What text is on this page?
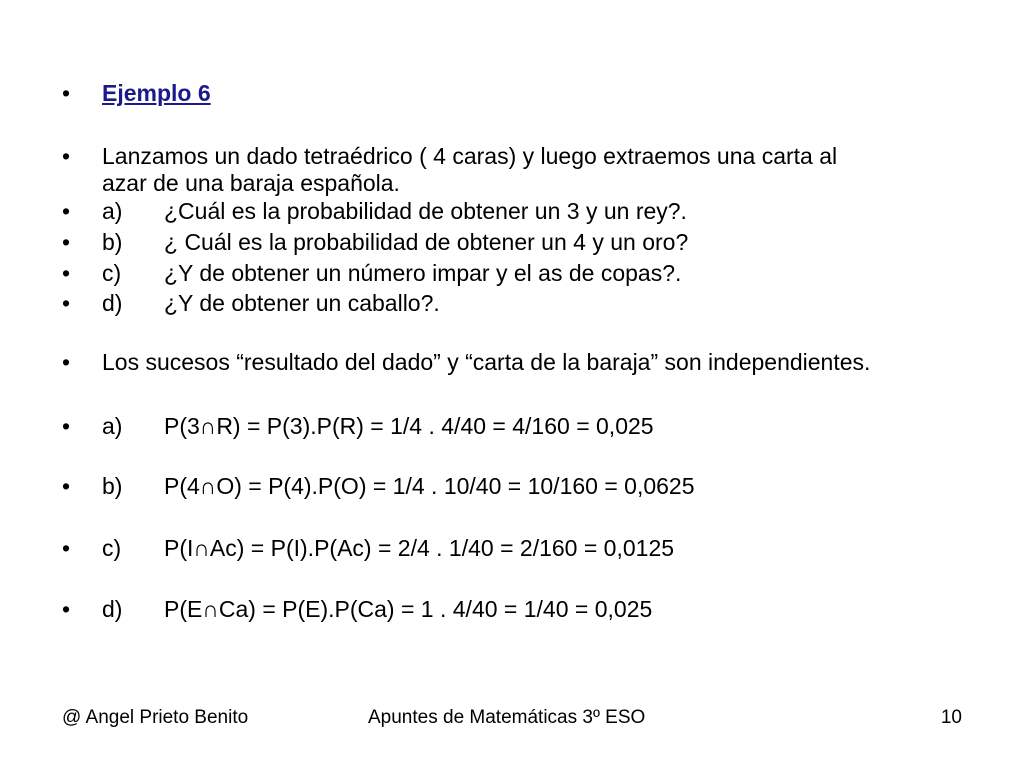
•	Ejemplo 6
•	Lanzamos un dado tetraédrico ( 4 caras) y luego extraemos una carta al
azar de una baraja española.
•	a) ¿Cuál es la probabilidad de obtener un 3 y un rey?.
•	b) ¿ Cuál es la probabilidad de obtener un 4 y un oro?
•	c) ¿Y de obtener un número impar y el as de copas?.
•	d) ¿Y de obtener un caballo?.
•	Los sucesos “resultado del dado” y “carta de la baraja” son independientes.
•	a) P(3∩R) = P(3).P(R) = 1/4 . 4/40 = 4/160 = 0,025
•	b) P(4∩O) = P(4).P(O) = 1/4 . 10/40 = 10/160 = 0,0625
•	c) P(I∩Ac) = P(I).P(Ac) = 2/4 . 1/40 = 2/160 = 0,0125
•	d) P(E∩Ca) = P(E).P(Ca) = 1 . 4/40 = 1/40 = 0,025
@ Angel Prieto Benito	Apuntes de Matemáticas 3º ESO	10
